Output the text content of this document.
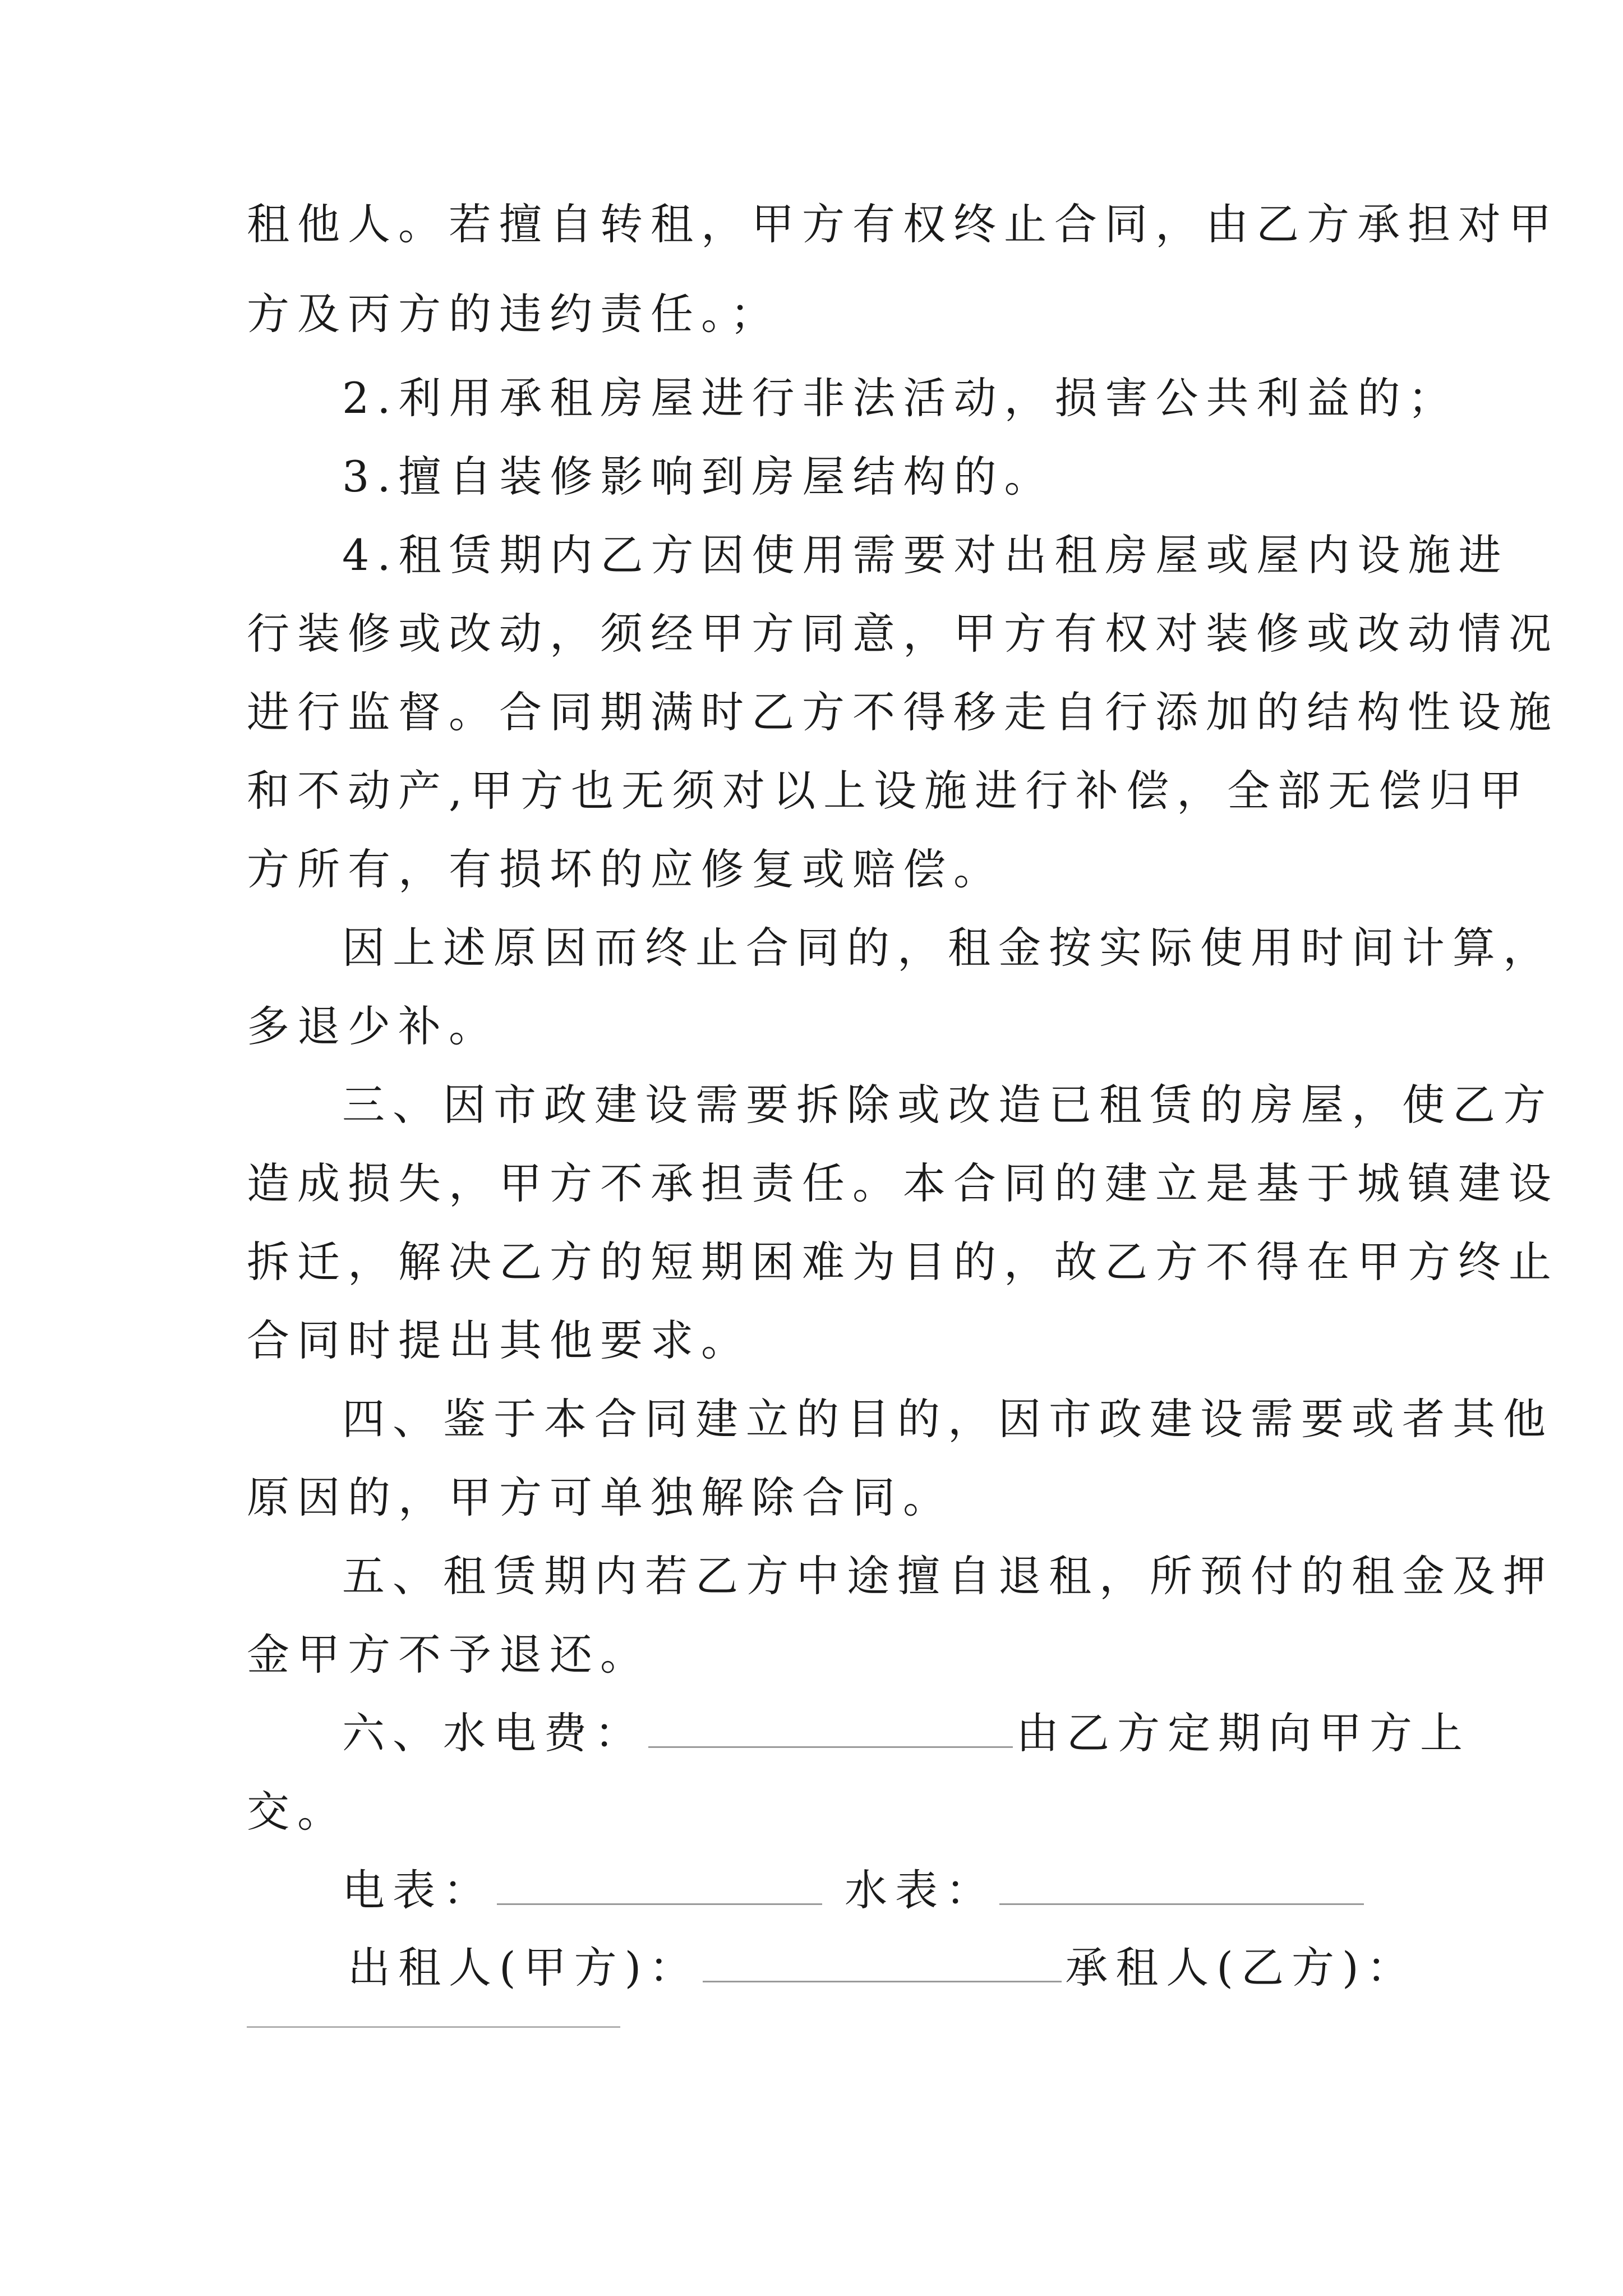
租他人。若擅自转租，甲方有权终止合同，由乙方承担对甲
方及丙方的违约责任。；
2.利用承租房屋进行非法活动，损害公共利益的；
3.擅自装修影响到房屋结构的。
4.租赁期内乙方因使用需要对出租房屋或屋内设施进
行装修或改动，须经甲方同意，甲方有权对装修或改动情况
进行监督。合同期满时乙方不得移走自行添加的结构性设施
和不动产,甲方也无须对以上设施进行补偿，全部无偿归甲
方所有，有损坏的应修复或赔偿。
因上述原因而终止合同的，租金按实际使用时间计算，
多退少补。
三、因市政建设需要拆除或改造已租赁的房屋，使乙方
造成损失，甲方不承担责任。本合同的建立是基于城镇建设
拆迁，解决乙方的短期困难为目的，故乙方不得在甲方终止
合同时提出其他要求。
四、鉴于本合同建立的目的，因市政建设需要或者其他
原因的，甲方可单独解除合同。
五、租赁期内若乙方中途擅自退租，所预付的租金及押
金甲方不予退还。
六、水电费：	由乙方定期向甲方上
交。
电表：	水表：
出租人(甲方)：	承租人(乙方)：
